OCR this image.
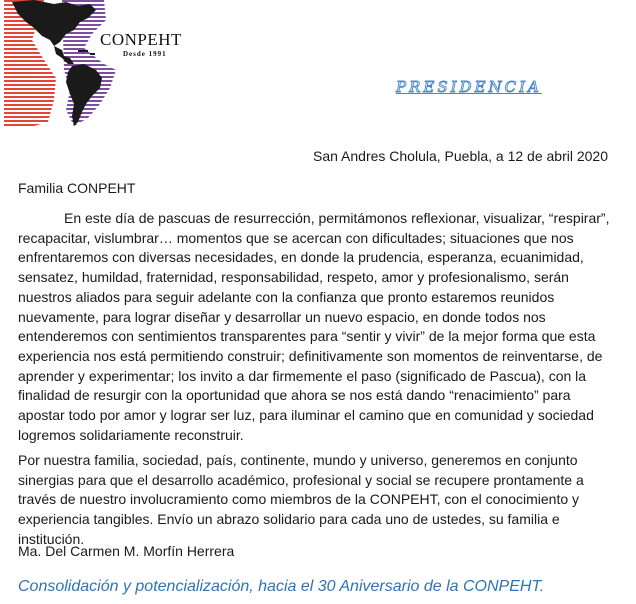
CONPEHT
Desde 1991
PRESIDENCIA
San Andres Cholula, Puebla, a 12 de abril 2020
Familia CONPEHT

En este día de pascuas de resurrección, permitámonos reflexionar, visualizar, “respirar”, recapacitar, vislumbrar… momentos que se acercan con dificultades; situaciones que nos enfrentaremos con diversas necesidades, en donde la prudencia, esperanza, ecuanimidad, sensatez, humildad, fraternidad, responsabilidad, respeto, amor y profesionalismo, serán nuestros aliados para seguir adelante con la confianza que pronto estaremos reunidos nuevamente, para lograr diseñar y desarrollar un nuevo espacio, en donde todos nos entenderemos con sentimientos transparentes para “sentir y vivir” de la mejor forma que esta experiencia nos está permitiendo construir; definitivamente son momentos de reinventarse, de aprender y experimentar; los invito a dar firmemente el paso (significado de Pascua), con la finalidad de resurgir con la oportunidad que ahora se nos está dando “renacimiento” para apostar todo por amor y lograr ser luz, para iluminar el camino que en comunidad y sociedad logremos solidariamente reconstruir.

Por nuestra familia, sociedad, país, continente, mundo y universo, generemos en conjunto sinergias para que el desarrollo académico, profesional y social se recupere prontamente a través de nuestro involucramiento como miembros de la CONPEHT, con el conocimiento y experiencia tangibles. Envío un abrazo solidario para cada uno de ustedes, su familia e institución.

Ma. Del Carmen M. Morfín Herrera
Consolidación y potencialización, hacia el 30 Aniversario de la CONPEHT.
